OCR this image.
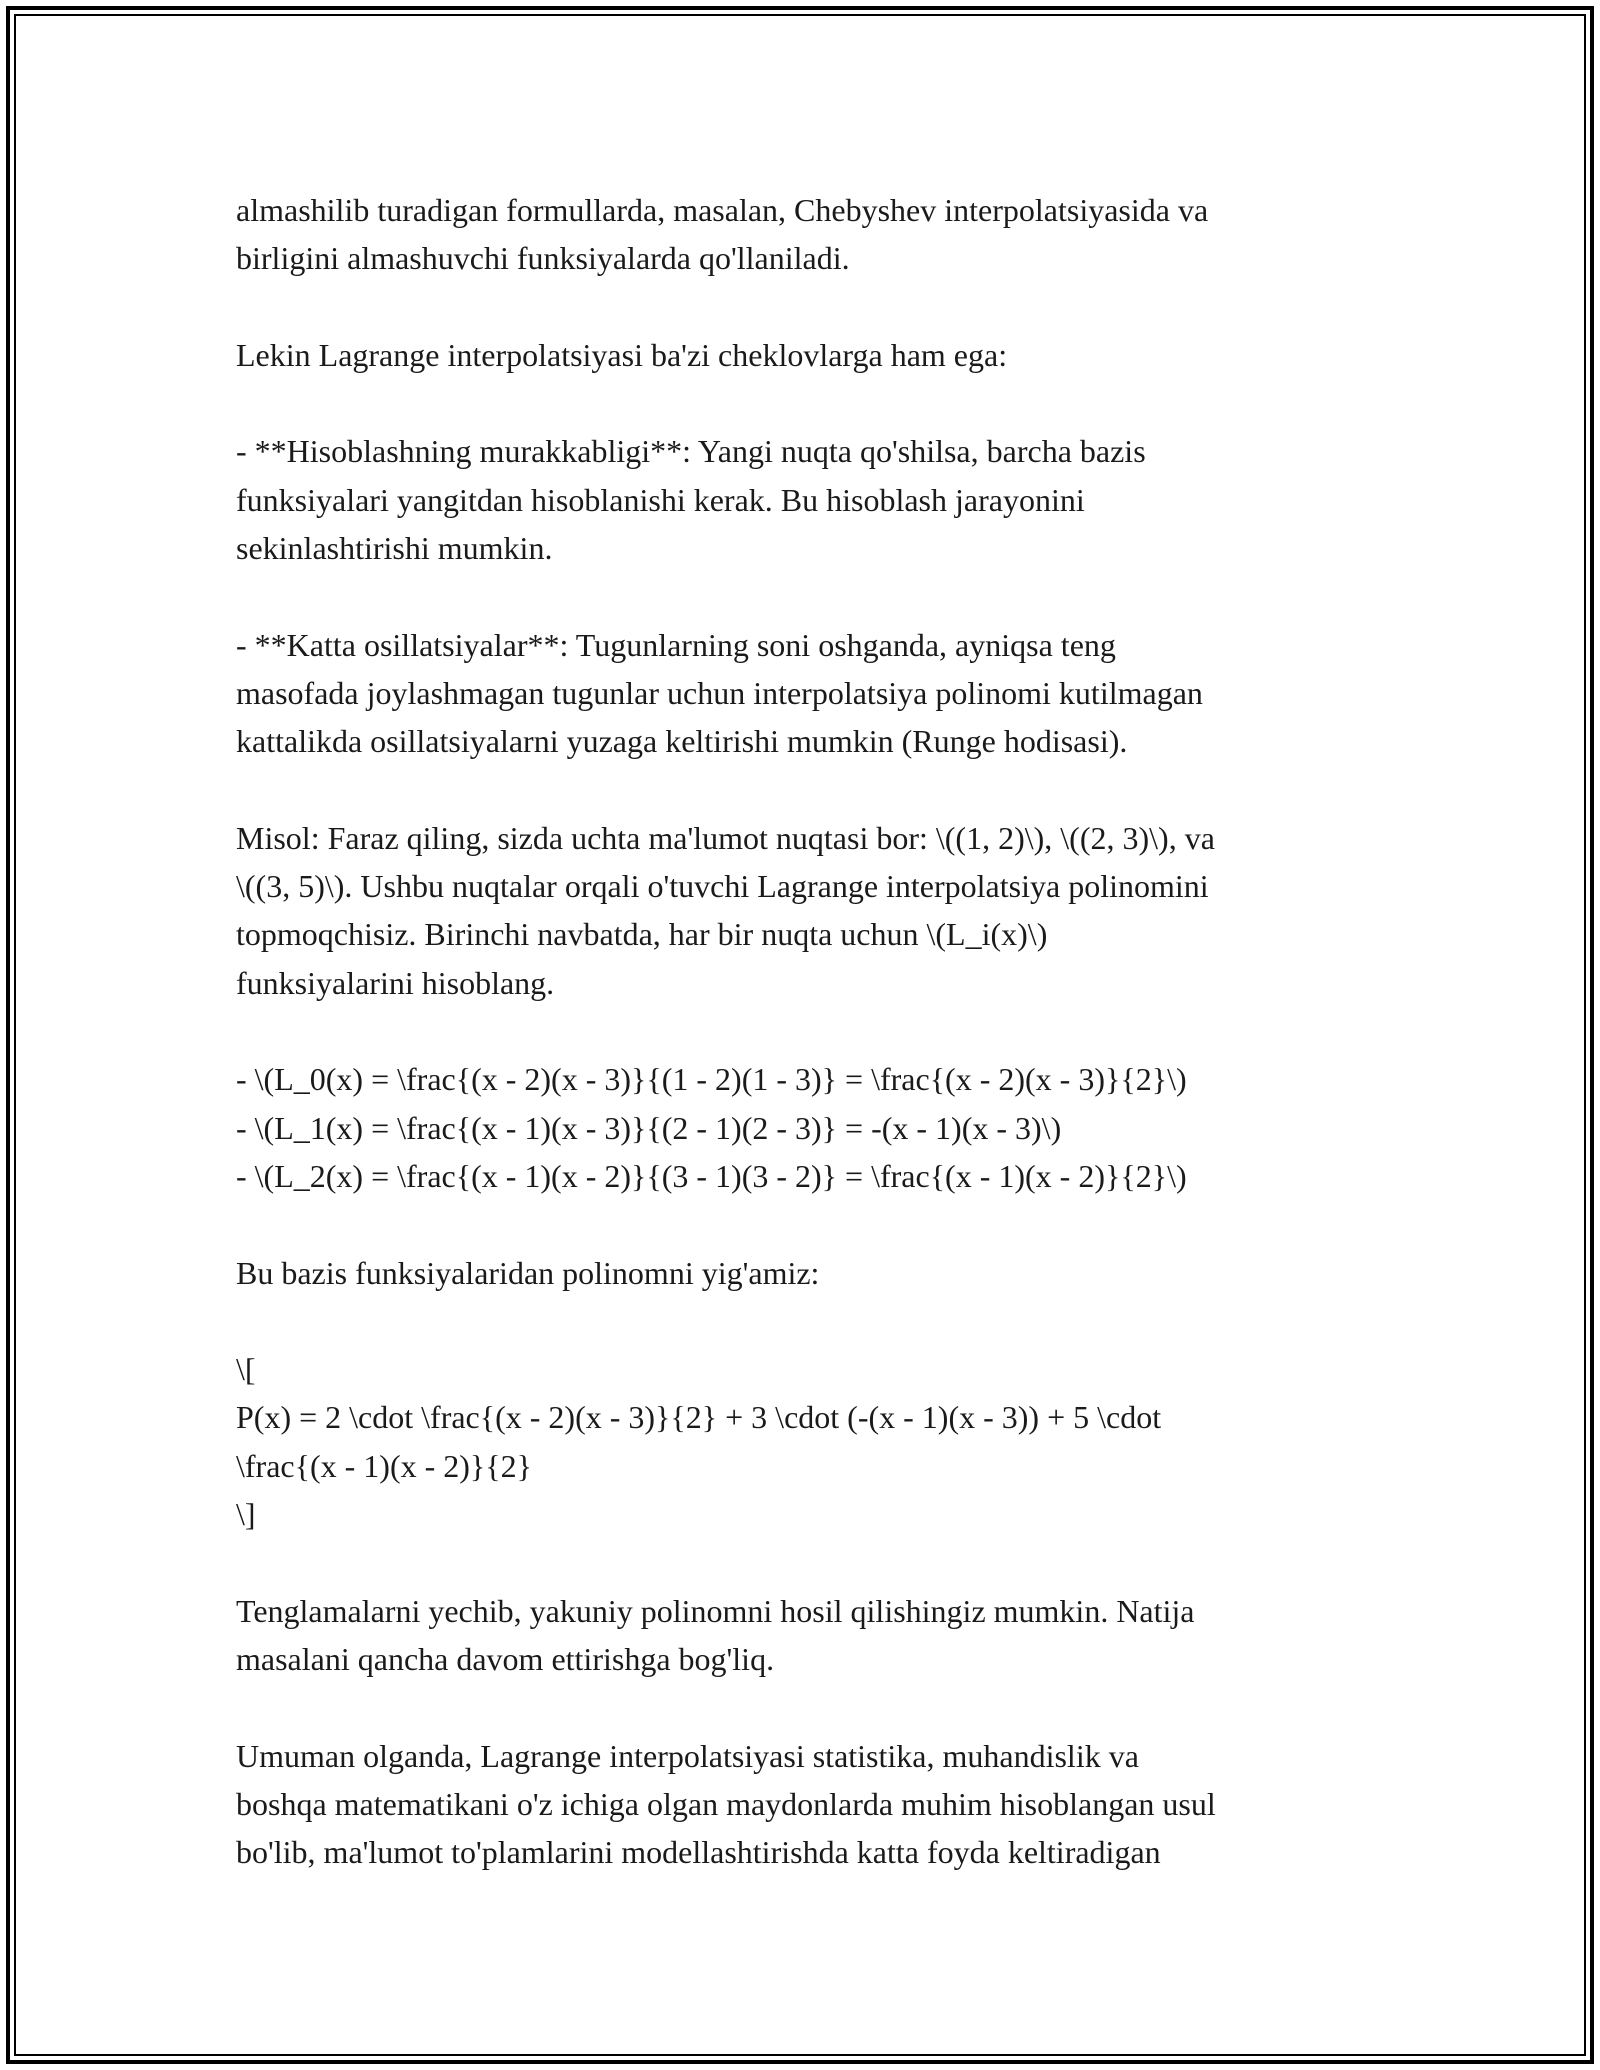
almashilib turadigan formullarda, masalan, Chebyshev interpolatsiyasida va

birligini almashuvchi funksiyalarda qo'llaniladi.

Lekin Lagrange interpolatsiyasi ba'zi cheklovlarga ham ega:

- **Hisoblashning murakkabligi**: Yangi nuqta qo'shilsa, barcha bazis

funksiyalari yangitdan hisoblanishi kerak. Bu hisoblash jarayonini

sekinlashtirishi mumkin.

- **Katta osillatsiyalar**: Tugunlarning soni oshganda, ayniqsa teng

masofada joylashmagan tugunlar uchun interpolatsiya polinomi kutilmagan

kattalikda osillatsiyalarni yuzaga keltirishi mumkin (Runge hodisasi).

Misol: Faraz qiling, sizda uchta ma'lumot nuqtasi bor: \((1, 2)\), \((2, 3)\), va

\((3, 5)\). Ushbu nuqtalar orqali o'tuvchi Lagrange interpolatsiya polinomini

topmoqchisiz. Birinchi navbatda, har bir nuqta uchun \(L_i(x)\)

funksiyalarini hisoblang.

- \(L_0(x) = \frac{(x - 2)(x - 3)}{(1 - 2)(1 - 3)} = \frac{(x - 2)(x - 3)}{2}\)

- \(L_1(x) = \frac{(x - 1)(x - 3)}{(2 - 1)(2 - 3)} = -(x - 1)(x - 3)\)

- \(L_2(x) = \frac{(x - 1)(x - 2)}{(3 - 1)(3 - 2)} = \frac{(x - 1)(x - 2)}{2}\)

Bu bazis funksiyalaridan polinomni yig'amiz:

\[

P(x) = 2 \cdot \frac{(x - 2)(x - 3)}{2} + 3 \cdot (-(x - 1)(x - 3)) + 5 \cdot

\frac{(x - 1)(x - 2)}{2}

\]

Tenglamalarni yechib, yakuniy polinomni hosil qilishingiz mumkin. Natija

masalani qancha davom ettirishga bog'liq.

Umuman olganda, Lagrange interpolatsiyasi statistika, muhandislik va

boshqa matematikani o'z ichiga olgan maydonlarda muhim hisoblangan usul

bo'lib, ma'lumot to'plamlarini modellashtirishda katta foyda keltiradigan
